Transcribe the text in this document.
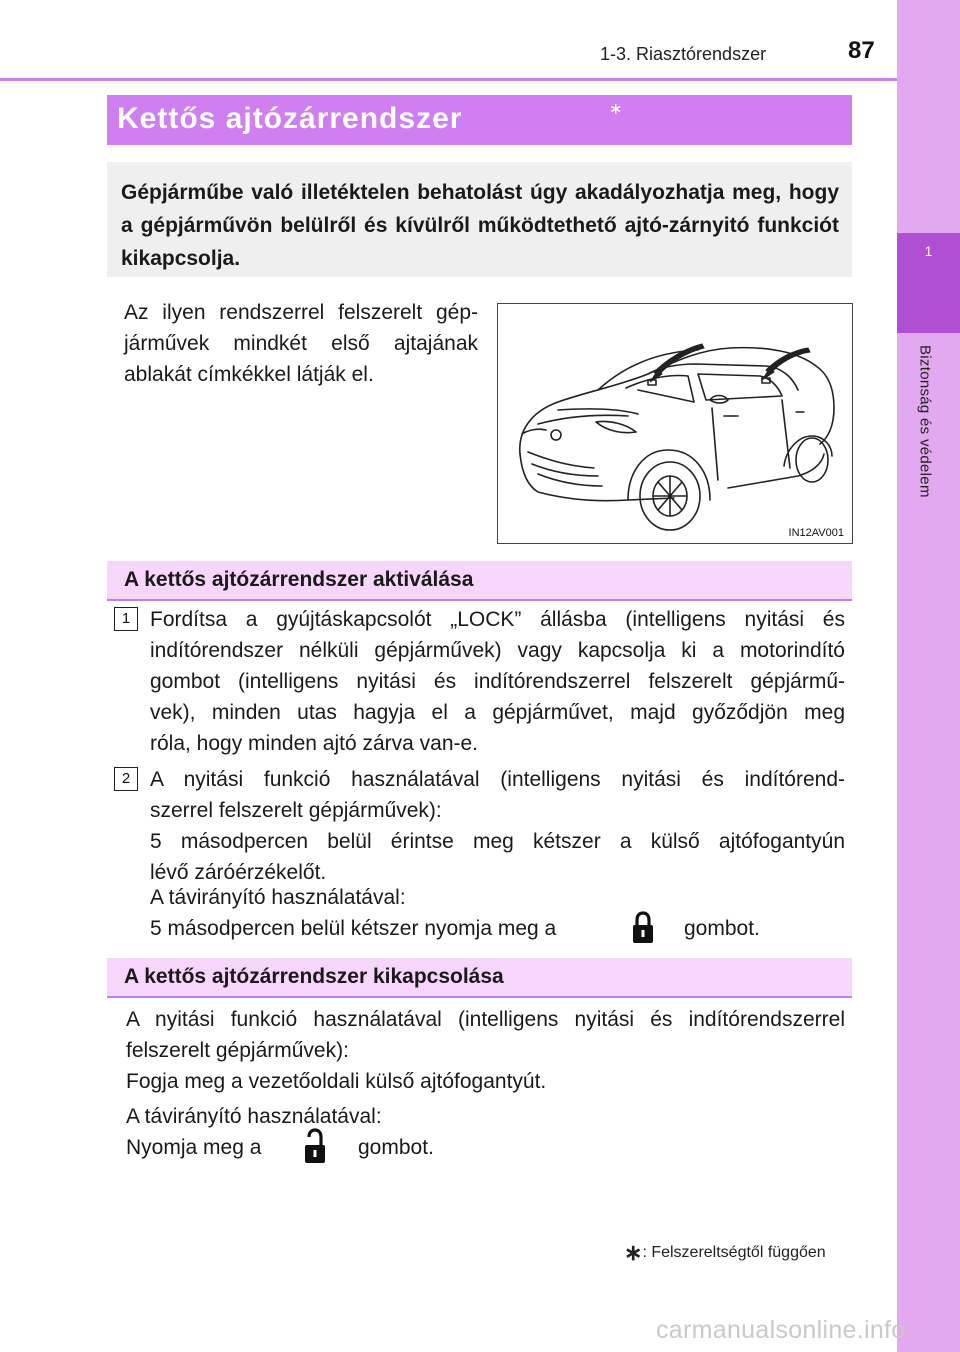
1
Biztonság és védelem
1-3. Riasztórendszer	87
Kettős ajtózárrendszer	∗

Gépjárműbe való illetéktelen behatolást úgy akadályozhatja meg, hogy a gépjárművön belülről és kívülről működtethető ajtó-zárnyitó funkciót kikapcsolja.

Az ilyen rendszerrel felszerelt gép-
járművek mindkét első ajtajának
ablakát címkékkel látják el.
IN12AV001
A kettős ajtózárrendszer aktiválása
1 Fordítsa a gyújtáskapcsolót „LOCK” állásba (intelligens nyitási és
indítórendszer nélküli gépjárművek) vagy kapcsolja ki a motorindító
gombot (intelligens nyitási és indítórendszerrel felszerelt gépjármű-
vek), minden utas hagyja el a gépjárművet, majd győződjön meg
róla, hogy minden ajtó zárva van-e.
2 A nyitási funkció használatával (intelligens nyitási és indítórend-
szerrel felszerelt gépjárművek):
5 másodpercen belül érintse meg kétszer a külső ajtófogantyún
lévő záróérzékelőt.
A távirányító használatával:
5 másodpercen belül kétszer nyomja meg a	gombot.
A kettős ajtózárrendszer kikapcsolása
A nyitási funkció használatával (intelligens nyitási és indítórendszerrel
felszerelt gépjárművek):
Fogja meg a vezetőoldali külső ajtófogantyút.
A távirányító használatával:
Nyomja meg a	gombot.
∗: Felszereltségtől függően
carmanualsonline.info
